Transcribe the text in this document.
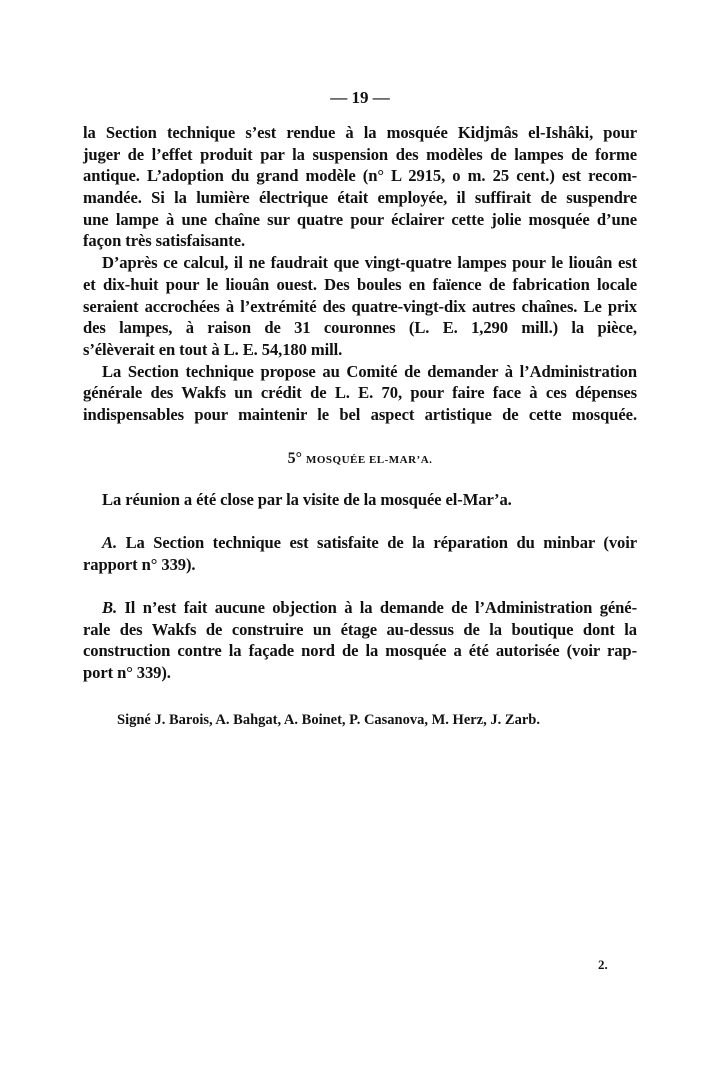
— 19 —
la Section technique s’est rendue à la mosquée Kidjmâs el-Ishâki, pour
juger de l’effet produit par la suspension des modèles de lampes de forme
antique. L’adoption du grand modèle (n° L 2915, o m. 25 cent.) est recom-
mandée. Si la lumière électrique était employée, il suffirait de suspendre
une lampe à une chaîne sur quatre pour éclairer cette jolie mosquée d’une
façon très satisfaisante.
D’après ce calcul, il ne faudrait que vingt-quatre lampes pour le liouân est
et dix-huit pour le liouân ouest. Des boules en faïence de fabrication locale
seraient accrochées à l’extrémité des quatre-vingt-dix autres chaînes. Le prix
des lampes, à raison de 31 couronnes (L. E. 1,290 mill.) la pièce,
s’élèverait en tout à L. E. 54,180 mill.
La Section technique propose au Comité de demander à l’Administration
générale des Wakfs un crédit de L. E. 70, pour faire face à ces dépenses
indispensables pour maintenir le bel aspect artistique de cette mosquée.
5° MOSQUÉE EL-MAR’A.
La réunion a été close par la visite de la mosquée el-Mar’a.
A. La Section technique est satisfaite de la réparation du minbar (voir
rapport n° 339).
B. Il n’est fait aucune objection à la demande de l’Administration géné-
rale des Wakfs de construire un étage au-dessus de la boutique dont la
construction contre la façade nord de la mosquée a été autorisée (voir rap-
port n° 339).
Signé J. Barois, A. Bahgat, A. Boinet, P. Casanova, M. Herz, J. Zarb.
2.
